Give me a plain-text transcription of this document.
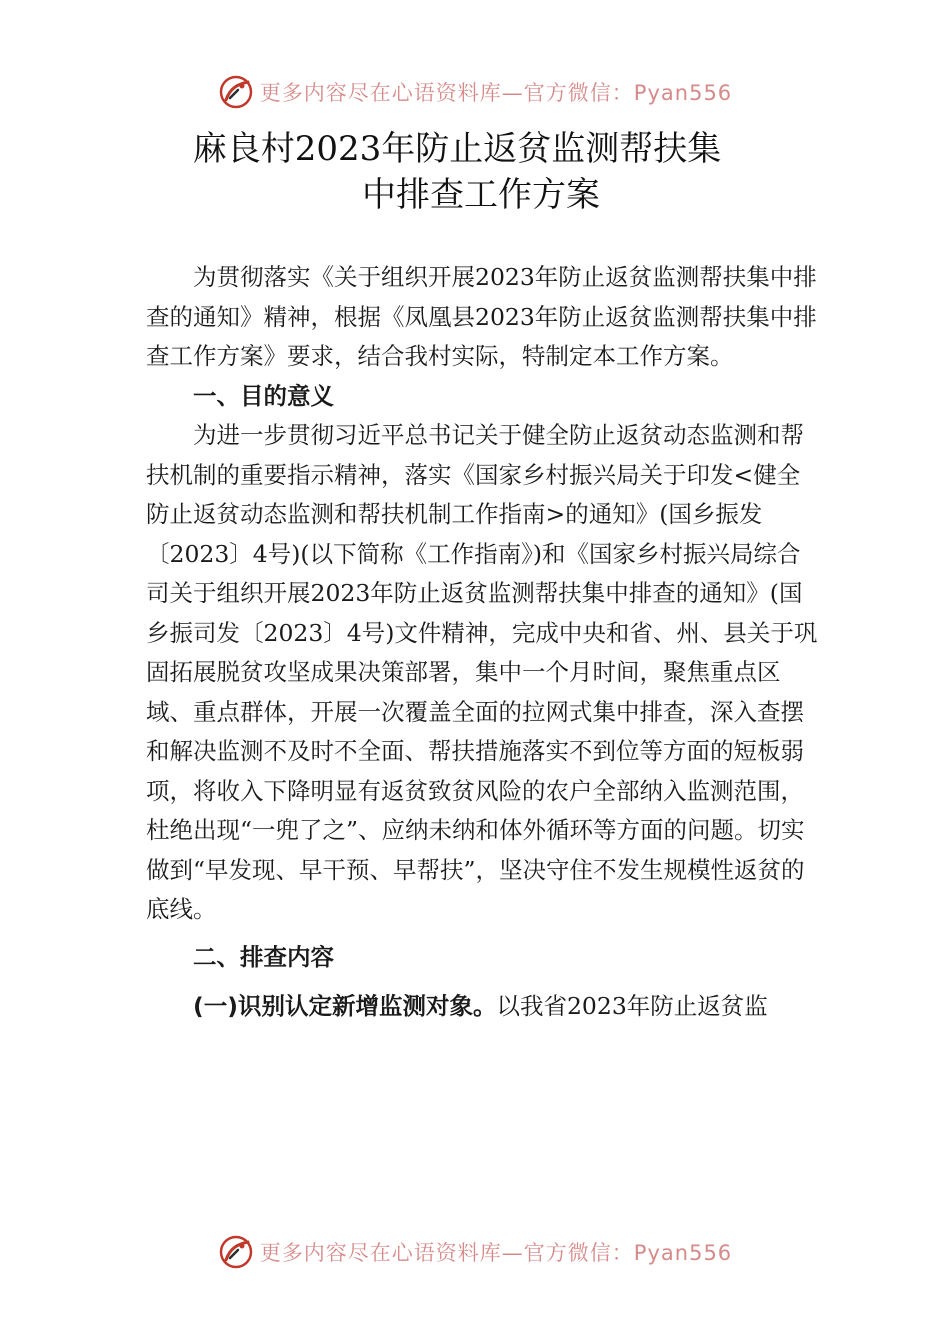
更多内容尽在心语资料库—官方微信：Pyan556
麻良村2023年防止返贫监测帮扶集
中排查工作方案

为贯彻落实《关于组织开展2023年防止返贫监测帮扶集中排查的通知》精神，根据《凤凰县2023年防止返贫监测帮扶集中排查工作方案》要求，结合我村实际，特制定本工作方案。

一、目的意义

为进一步贯彻习近平总书记关于健全防止返贫动态监测和帮扶机制的重要指示精神，落实《国家乡村振兴局关于印发<健全防止返贫动态监测和帮扶机制工作指南>的通知》(国乡振发〔2023〕4号)(以下简称《工作指南》)和《国家乡村振兴局综合司关于组织开展2023年防止返贫监测帮扶集中排查的通知》(国乡振司发〔2023〕4号)文件精神，完成中央和省、州、县关于巩固拓展脱贫攻坚成果决策部署，集中一个月时间，聚焦重点区域、重点群体，开展一次覆盖全面的拉网式集中排查，深入查摆和解决监测不及时不全面、帮扶措施落实不到位等方面的短板弱项，将收入下降明显有返贫致贫风险的农户全部纳入监测范围，杜绝出现“一兜了之”、应纳未纳和体外循环等方面的问题。切实做到“早发现、早干预、早帮扶”，坚决守住不发生规模性返贫的底线。

二、排查内容

(一)识别认定新增监测对象。以我省2023年防止返贫监

更多内容尽在心语资料库—官方微信：Pyan556
